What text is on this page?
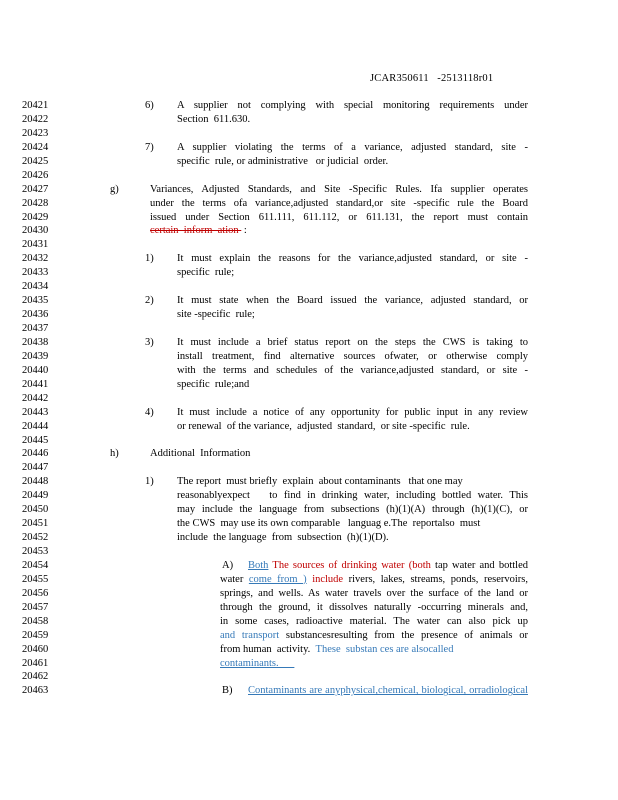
JCAR350611   -2513118r01
20421	6) A supplier not complying with special monitoring requirements under
20422	Section  611.630.
20423
20424	7) A supplier violating the terms of a variance, adjusted standard, site -
20425	specific  rule, or administrative   or judicial  order.
20426
20427	g)	Variances, Adjusted Standards, and Site -Specific Rules. Ifa supplier operates
20428	under the terms ofa variance,adjusted standard,or site -specific rule the Board
20429	issued under Section 611.111, 611.112, or 611.131, the report must contain
20430	certain  inform  ation  :
20431
20432	1) It must explain the reasons for the variance,adjusted standard, or site -
20433	specific  rule;
20434
20435	2) It must state when the Board issued the variance, adjusted standard, or
20436	site -specific  rule;
20437
20438	3) It must include a brief status report on the steps the CWS is taking to
20439	install treatment, find alternative sources ofwater, or otherwise comply
20440	with the terms and schedules of the variance,adjusted standard, or site -
20441	specific  rule;and
20442
20443	4) It must include a notice of any opportunity for public input in any review
20444	or renewal  of the variance,  adjusted  standard,  or site -specific  rule.
20445
20446	h)	Additional  Information
20447
20448	1) The report  must briefly  explain  about contaminants   that one may
20449	reasonablyexpect   to find in drinking water, including bottled water. This
20450	may include the language from subsections (h)(1)(A) through (h)(1)(C), or
20451	the CWS  may use its own comparable   languag e.The  reportalso  must
20452	include  the language  from  subsection  (h)(1)(D).
20453
20454	A) Both The sources of drinking water (both tap water and bottled
20455	water come from ) include rivers, lakes, streams, ponds, reservoirs,
20456	springs, and wells. As water travels over the surface of the land or
20457	through the ground, it dissolves naturally -occurring minerals and,
20458	in some cases, radioactive material. The water can also pick up
20459	and transport substancesresulting from the presence of animals or
20460	from human  activity.  These  substan ces are alsocalled
20461	contaminants.
20462
20463	B) Contaminants are anyphysical,chemical, biological, orradiological
